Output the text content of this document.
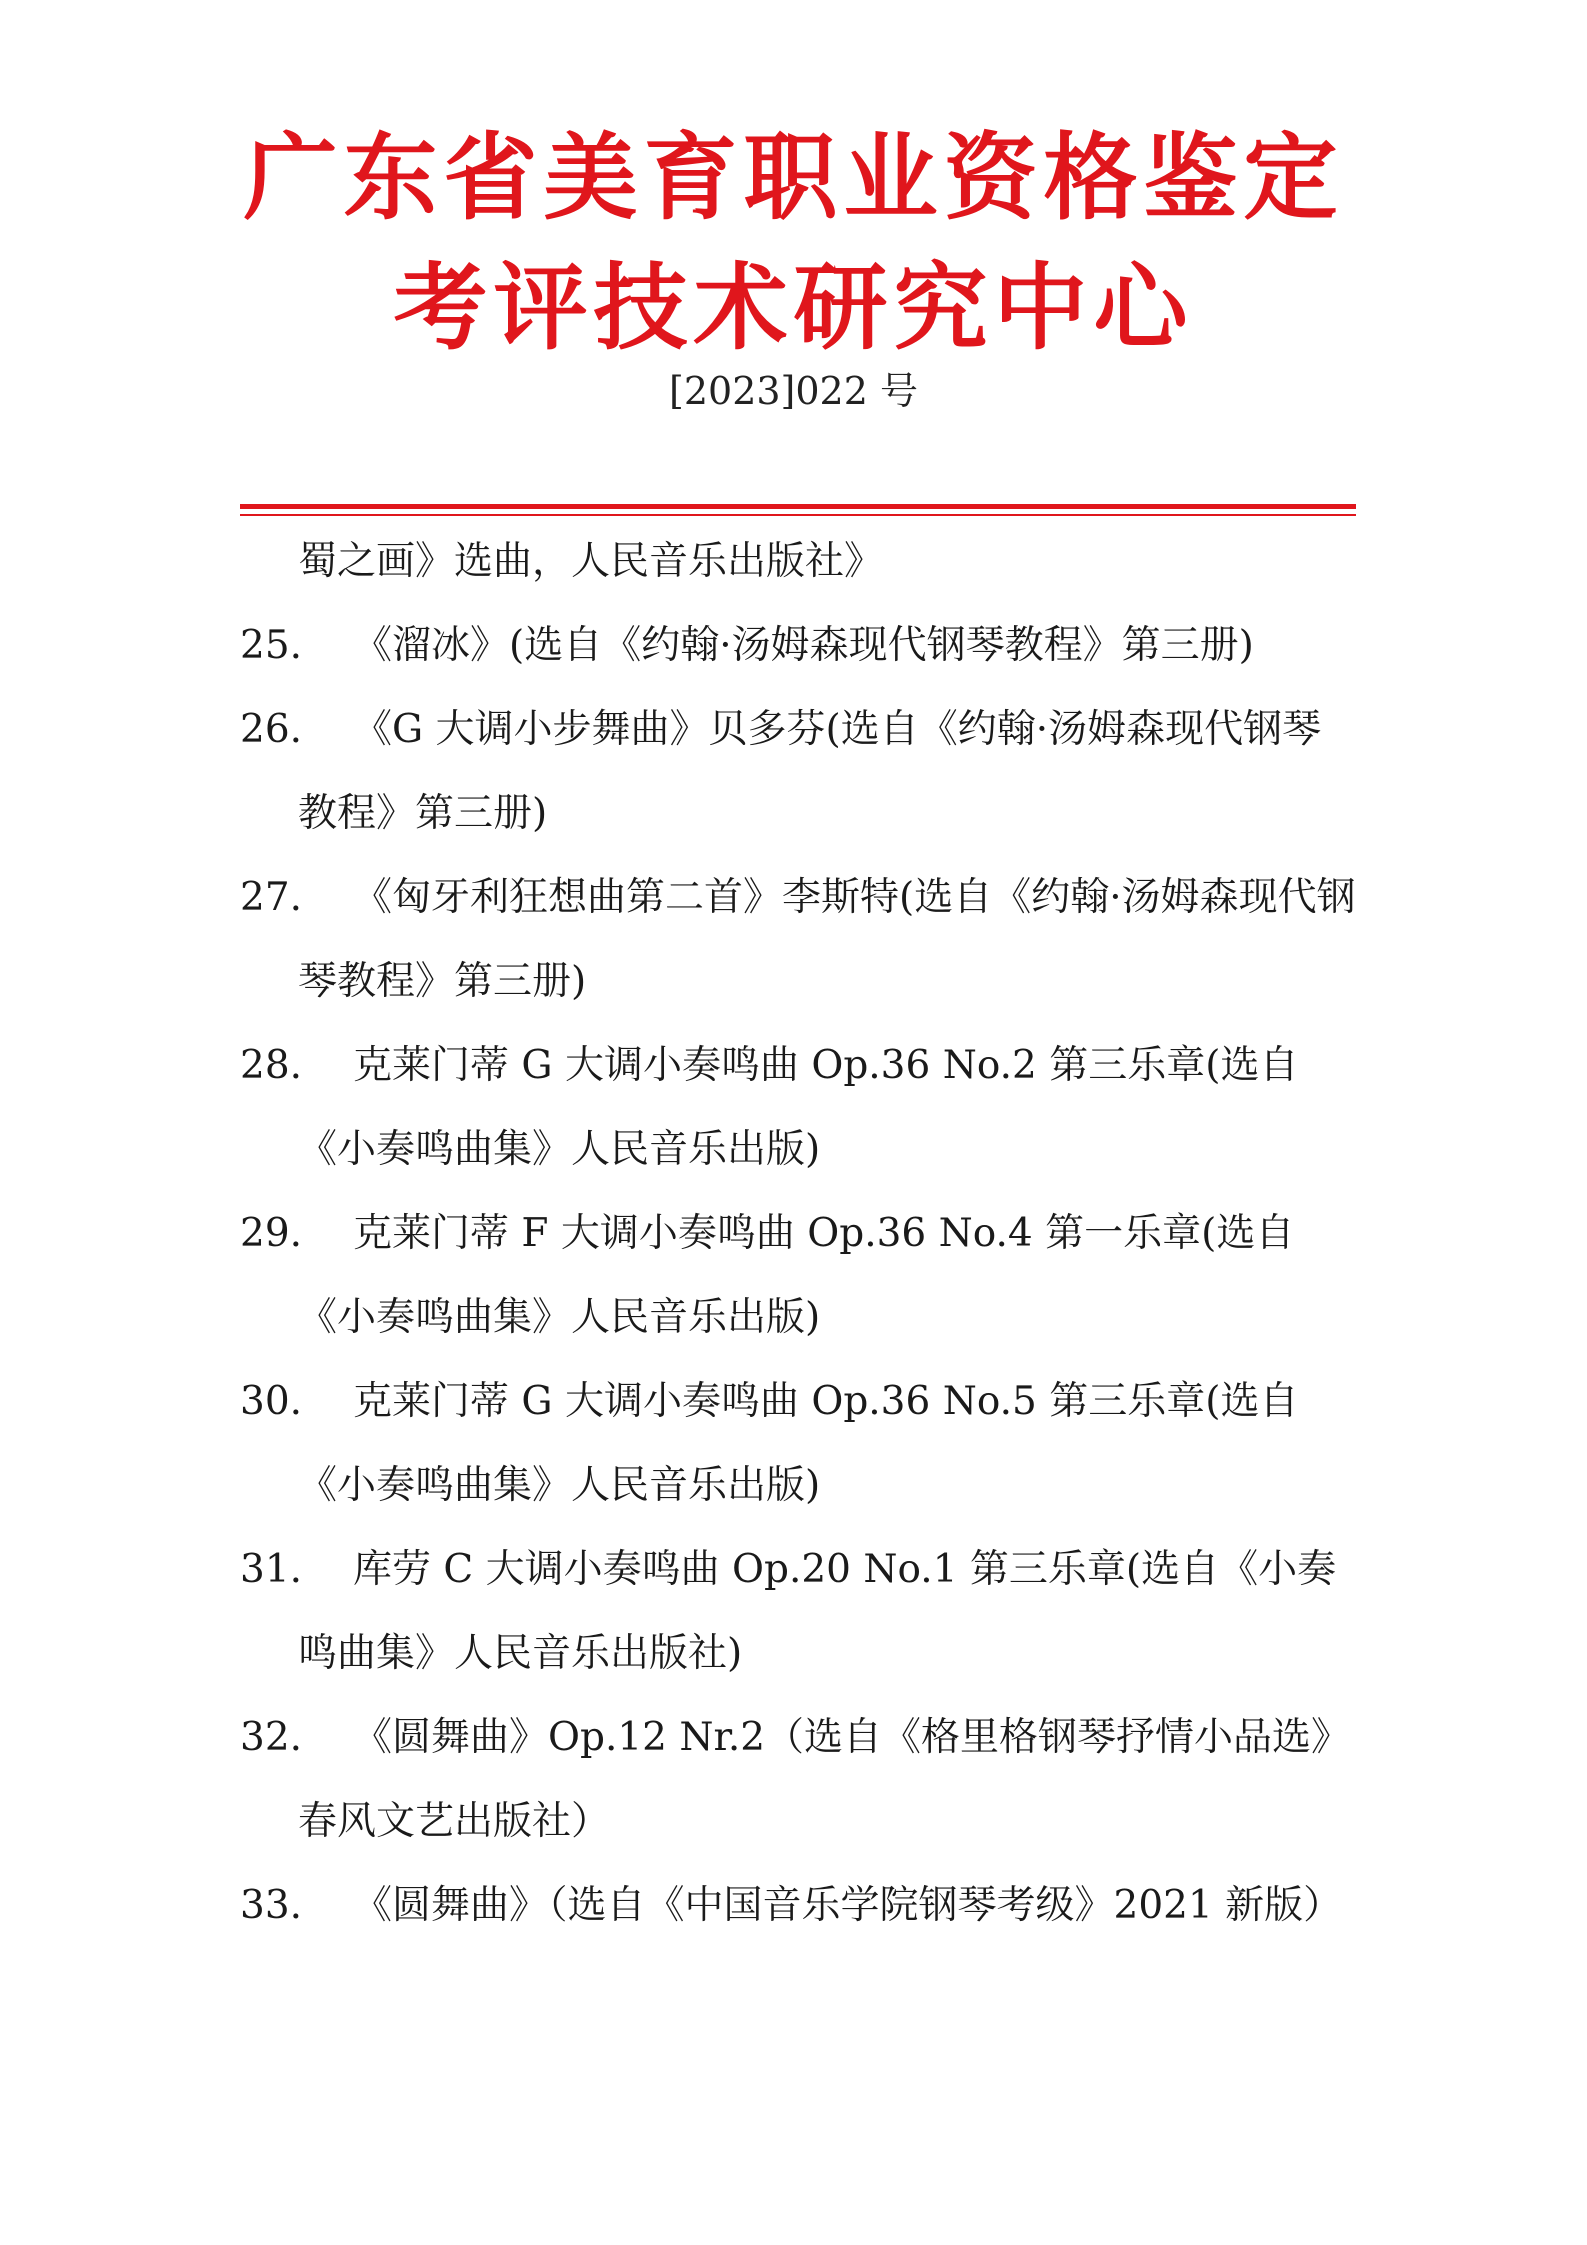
广东省美育职业资格鉴定
考评技术研究中心
[2023]022 号

蜀之画》选曲，人民音乐出版社》

25.	《溜冰》(选自《约翰·汤姆森现代钢琴教程》第三册)

26.	《G 大调小步舞曲》贝多芬(选自《约翰·汤姆森现代钢琴教程》第三册)

27.	《匈牙利狂想曲第二首》李斯特(选自《约翰·汤姆森现代钢琴教程》第三册)

28.	克莱门蒂 G 大调小奏鸣曲 Op.36 No.2 第三乐章(选自《小奏鸣曲集》人民音乐出版)

29.	克莱门蒂 F 大调小奏鸣曲 Op.36 No.4 第一乐章(选自《小奏鸣曲集》人民音乐出版)

30.	克莱门蒂 G 大调小奏鸣曲 Op.36 No.5 第三乐章(选自《小奏鸣曲集》人民音乐出版)

31.	库劳 C 大调小奏鸣曲 Op.20 No.1 第三乐章(选自《小奏鸣曲集》人民音乐出版社)

32.	《圆舞曲》Op.12 Nr.2（选自《格里格钢琴抒情小品选》春风文艺出版社）

33.	《圆舞曲》（选自《中国音乐学院钢琴考级》2021 新版）
